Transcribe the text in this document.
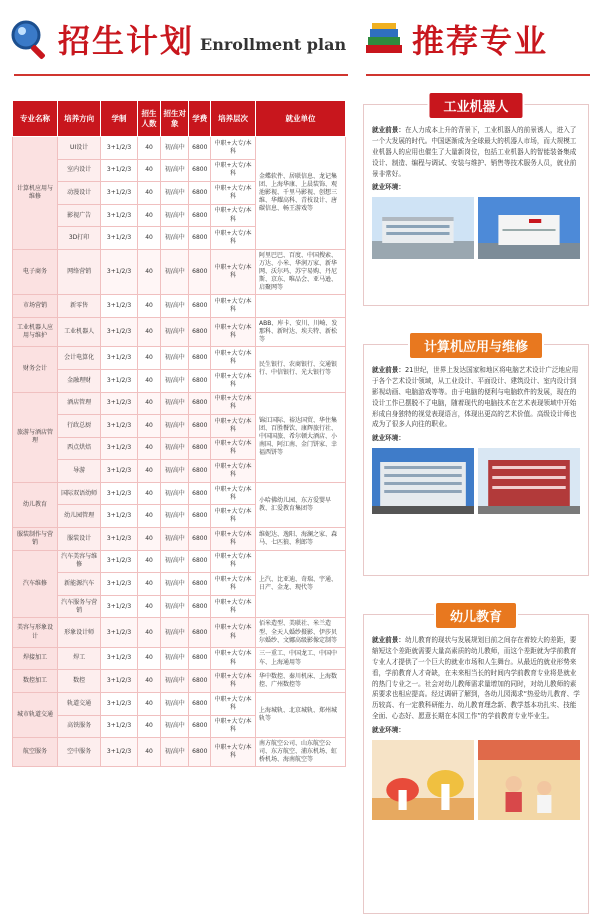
招生计划 Enrollment plan 推荐专业
专业名称	培养方向	学制	招生人数	招生对象	学费	培养层次	就业单位
计算机应用与维修	UI设计	3+1/2/3	40	初/高中	6800	中职+大专/本科	金蝶软件、居联信息、龙记集团、上海华康、上晨装饰、观池影视、千里马影视、创想三维、华耀高科、青枝设计、唐碳信息、畅王游戏等
	室内设计	3+1/2/3	40	初/高中	6800	中职+大专/本科	
	动漫设计	3+1/2/3	40	初/高中	6800	中职+大专/本科	
	影视广告	3+1/2/3	40	初/高中	6800	中职+大专/本科	
	3D打印	3+1/2/3	40	初/高中	6800	中职+大专/本科	
电子商务	网络营销	3+1/2/3	40	初/高中	6800	中职+大专/本科	阿里巴巴、百度、中国搜索、万达、小米、华润万家、新华网、沃尔玛、苏宁易购、丹尼斯、京东、唯品会、亚马逊、启聚网等
市场营销	新零售	3+1/2/3	40	初/高中	6800	中职+大专/本科	
工业机器人应用与维护	工业机器人	3+1/2/3	40	初/高中	6800	中职+大专/本科	ABB、库卡、安川、川崎、发那科、新时达、埃夫特、新松等
财务会计	会计电算化	3+1/2/3	40	初/高中	6800	中职+大专/本科	民生银行、农商银行、交通银行、中信银行、光大银行等
	金融理财	3+1/2/3	40	初/高中	6800	中职+大专/本科	
旅游与酒店管理	酒店管理	3+1/2/3	40	初/高中	6800	中职+大专/本科	锦江国际、裕达国贸、华住集团、百胜餐饮、康辉旅行社、中国国旅、希尔顿大酒店、小南国、阿江南、金门饼家、幸福西饼等
	行政总厨	3+1/2/3	40	初/高中	6800	中职+大专/本科	
	西点烘焙	3+1/2/3	40	初/高中	6800	中职+大专/本科	
	导游	3+1/2/3	40	初/高中	6800	中职+大专/本科	
幼儿教育	国际双语幼师	3+1/2/3	40	初/高中	6800	中职+大专/本科	小哈佛幼儿园、东方爱婴早教、汇爱教育集团等
	幼儿园管理	3+1/2/3	40	初/高中	6800	中职+大专/本科	
服装制作与营销	服装设计	3+1/2/3	40	初/高中	6800	中职+大专/本科	维妮达、逸阳、海澜之家、森马、七匹狼、利郎等
汽车维修	汽车美容与维修	3+1/2/3	40	初/高中	6800	中职+大专/本科	上汽、比亚迪、奇瑞、宇通、日产、金龙、现代等
	新能源汽车	3+1/2/3	40	初/高中	6800	中职+大专/本科	
	汽车服务与营销	3+1/2/3	40	初/高中	6800	中职+大专/本科	
美容与形象设计	形象设计师	3+1/2/3	40	初/高中	6800	中职+大专/本科	佰米造型、美联社、米兰造型、全天人婚纱摄影、伊莎贝尔婚纱、文娜高级影像定制等
焊接加工	焊工	3+1/2/3	40	初/高中	6800	中职+大专/本科	三一重工、中国龙工、中国中车、上海通用等
数控加工	数控	3+1/2/3	40	初/高中	6800	中职+大专/本科	华中数控、秦川机床、上海数控、广州数控等
城市轨道交通	轨道交通	3+1/2/3	40	初/高中	6800	中职+大专/本科	上海城轨、北京城轨、郑州城轨等
	高铁服务	3+1/2/3	40	初/高中	6800	中职+大专/本科	
航空服务	空中服务	3+1/2/3	40	初/高中	6800	中职+大专/本科	南方航空公司、山东航空公司、东方航空、浦东机场、虹桥机场、海南航空等
工业机器人
就业前景：在人力成本上升的背景下，工业机器人的前景诱人，进入了一个大发展的时代。中国逐渐成为全球最大的机器人市场，而大规模工业机器人的应用也催生了大量新岗位，包括工业机器人的智能装备集成设计、制造、编程与调试、安装与维护、销售等技术服务人员，就业前景非常好。
就业环境：
计算机应用与维修
就业前景：21世纪，世界上发达国家和地区将电脑艺术设计广泛地应用于各个艺术设计领域，从工业设计、平面设计、建筑设计、室内设计到影视动画、电脑游戏等等。由于电脑的便利与电脑软件的发展，现在的设计工作已摆脱不了电脑，随着现代的电脑技术在艺术表现领域中开始形成自身独特的视觉表现语言，体现出更高的艺术价值。高级设计师也成为了很多人向往的职业。
就业环境：
幼儿教育
就业前景：幼儿教育的现状与发展规划目前之间存在着较大的差距，要缩短这个差距就需要大量高素质的幼儿教师，而这个差距就为学前教育专业人才提供了一个巨大的就业市场和人生舞台。从最近的就业形势来看，学前教育人才奇缺，在未来相当长的时间内学前教育专业将是就业的热门专业之一。社会对幼儿教师需求量增加的同时，对幼儿教师的素质要求也相应提高。经过调研了解到，各幼儿园渴求“热爱幼儿教育、学历较高、有一定教科研能力、幼儿教育理念新、教学基本功扎实、技能全面、心态好、愿意长期在本园工作”的学前教育专业毕业生。
就业环境：
